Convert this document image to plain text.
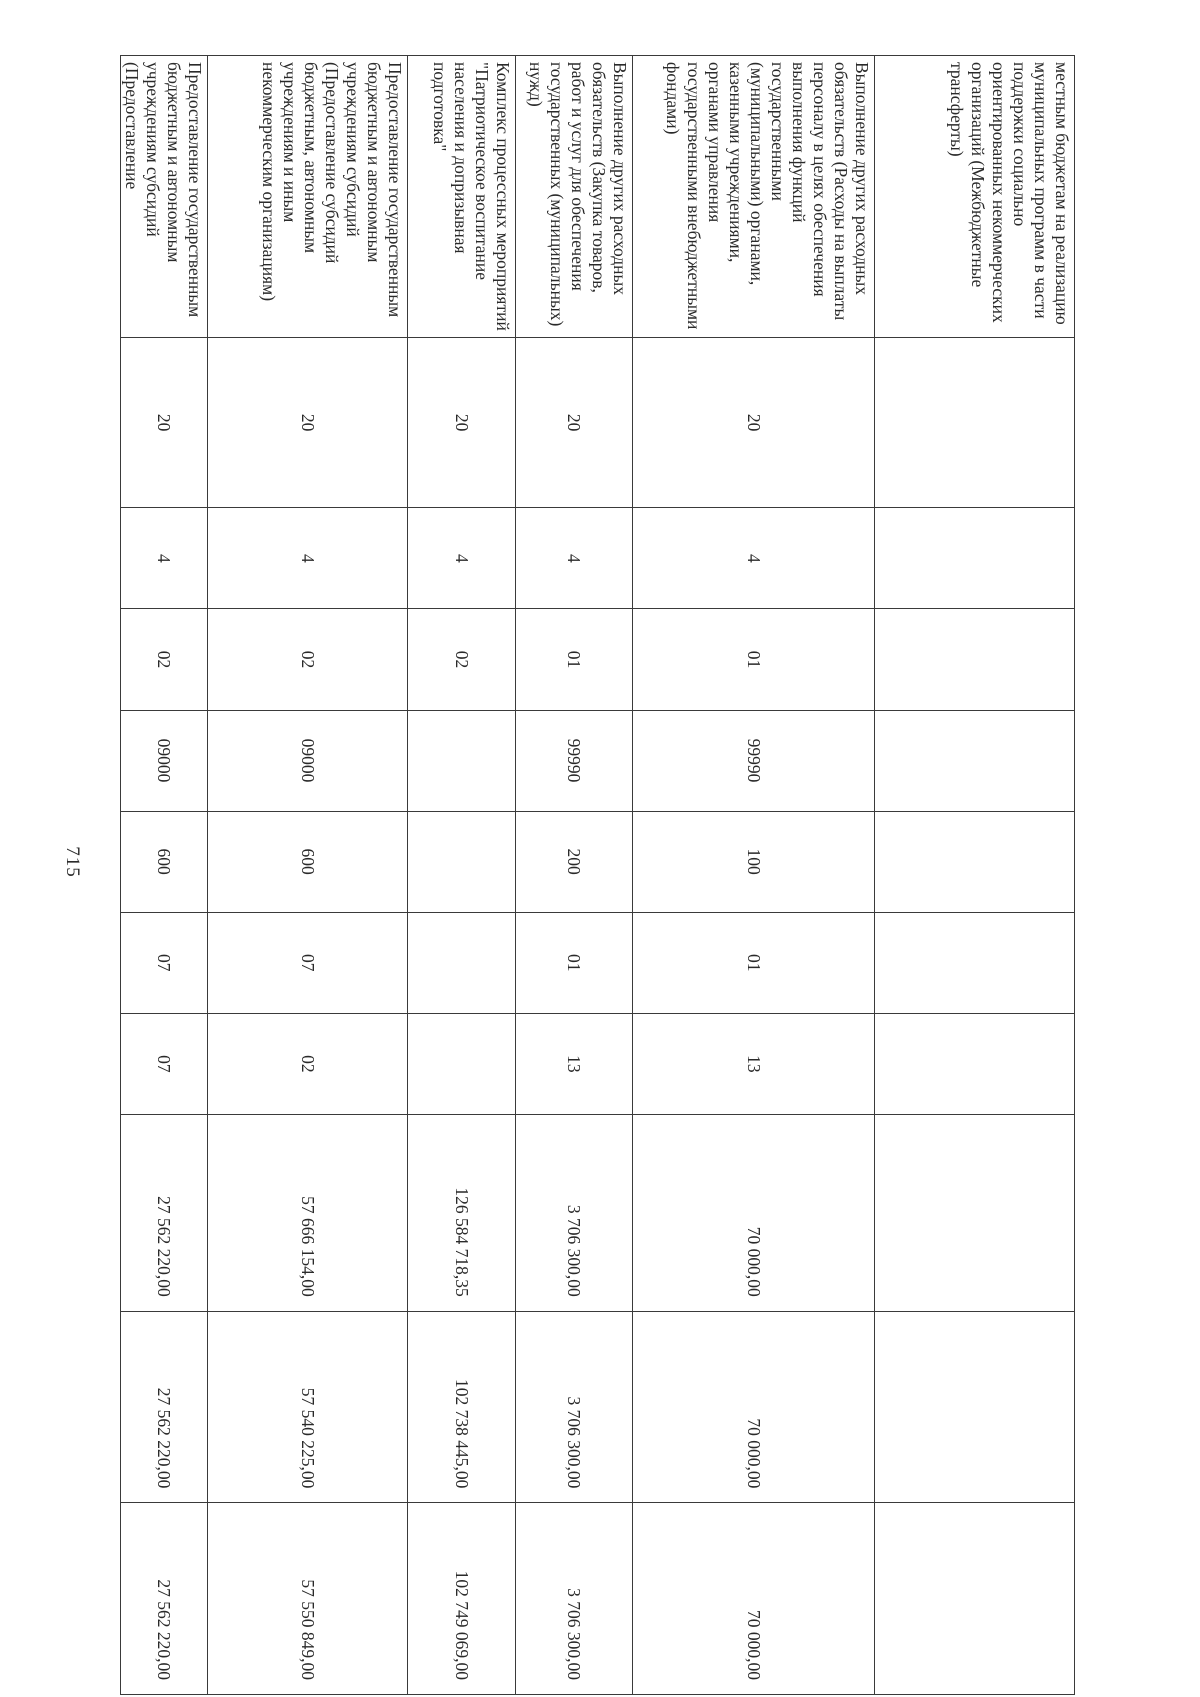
715
местным бюджетам на реализацию муниципальных программ в части поддержки социально ориентированных некоммерческих организаций (Межбюджетные трансферты)										
Выполнение других расходных обязательств (Расходы на выплаты персоналу в целях обеспечения выполнения функций государственными (муниципальными) органами, казенными учреждениями, органами управления государственными внебюджетными фондами)	20	4	01	99990	100	01	13	70 000,00	70 000,00	70 000,00
Выполнение других расходных обязательств (Закупка товаров, работ и услуг для обеспечения государственных (муниципальных) нужд)	20	4	01	99990	200	01	13	3 706 300,00	3 706 300,00	3 706 300,00
Комплекс процессных мероприятий "Патриотическое воспитание населения и допризывная подготовка"	20	4	02					126 584 718,35	102 738 445,00	102 749 069,00
Предоставление государственным бюджетным и автономным учреждениям субсидий (Предоставление субсидий бюджетным, автономным учреждениям и иным некоммерческим организациям)	20	4	02	09000	600	07	02	57 666 154,00	57 540 225,00	57 550 849,00
Предоставление государственным бюджетным и автономным учреждениям субсидий (Предоставление	20	4	02	09000	600	07	07	27 562 220,00	27 562 220,00	27 562 220,00
